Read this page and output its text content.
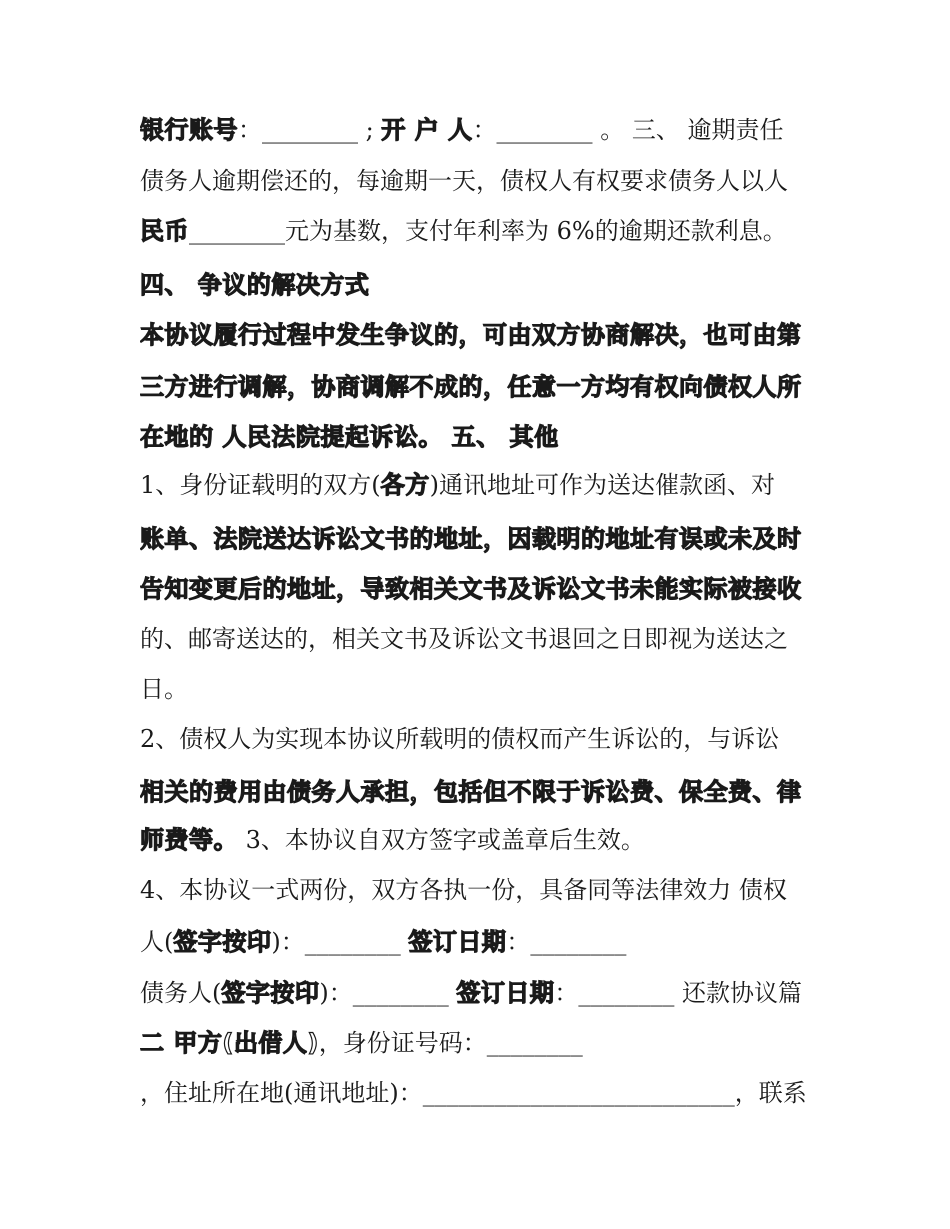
银行账号：________ ; 开 户 人：________ 。 三、 逾期责任
债务人逾期偿还的，每逾期一天，债权人有权要求债务人以人
民币________元为基数，支付年利率为 6%的逾期还款利息。
四、 争议的解决方式
本协议履行过程中发生争议的，可由双方协商解决，也可由第
三方进行调解，协商调解不成的，任意一方均有权向债权人所
在地的 人民法院提起诉讼。 五、 其他
1、身份证载明的双方(各方)通讯地址可作为送达催款函、对
账单、法院送达诉讼文书的地址，因载明的地址有误或未及时
告知变更后的地址，导致相关文书及诉讼文书未能实际被接收
的、邮寄送达的，相关文书及诉讼文书退回之日即视为送达之
日。
2、债权人为实现本协议所载明的债权而产生诉讼的，与诉讼
相关的费用由债务人承担，包括但不限于诉讼费、保全费、律
师费等。 3、本协议自双方签字或盖章后生效。
4、本协议一式两份，双方各执一份，具备同等法律效力 债权
人(签字按印)：________ 签订日期：________
债务人(签字按印)：________ 签订日期：________ 还款协议篇
二 甲方(出借人)，身份证号码：________
，住址所在地(通讯地址)：__________________________，联系
